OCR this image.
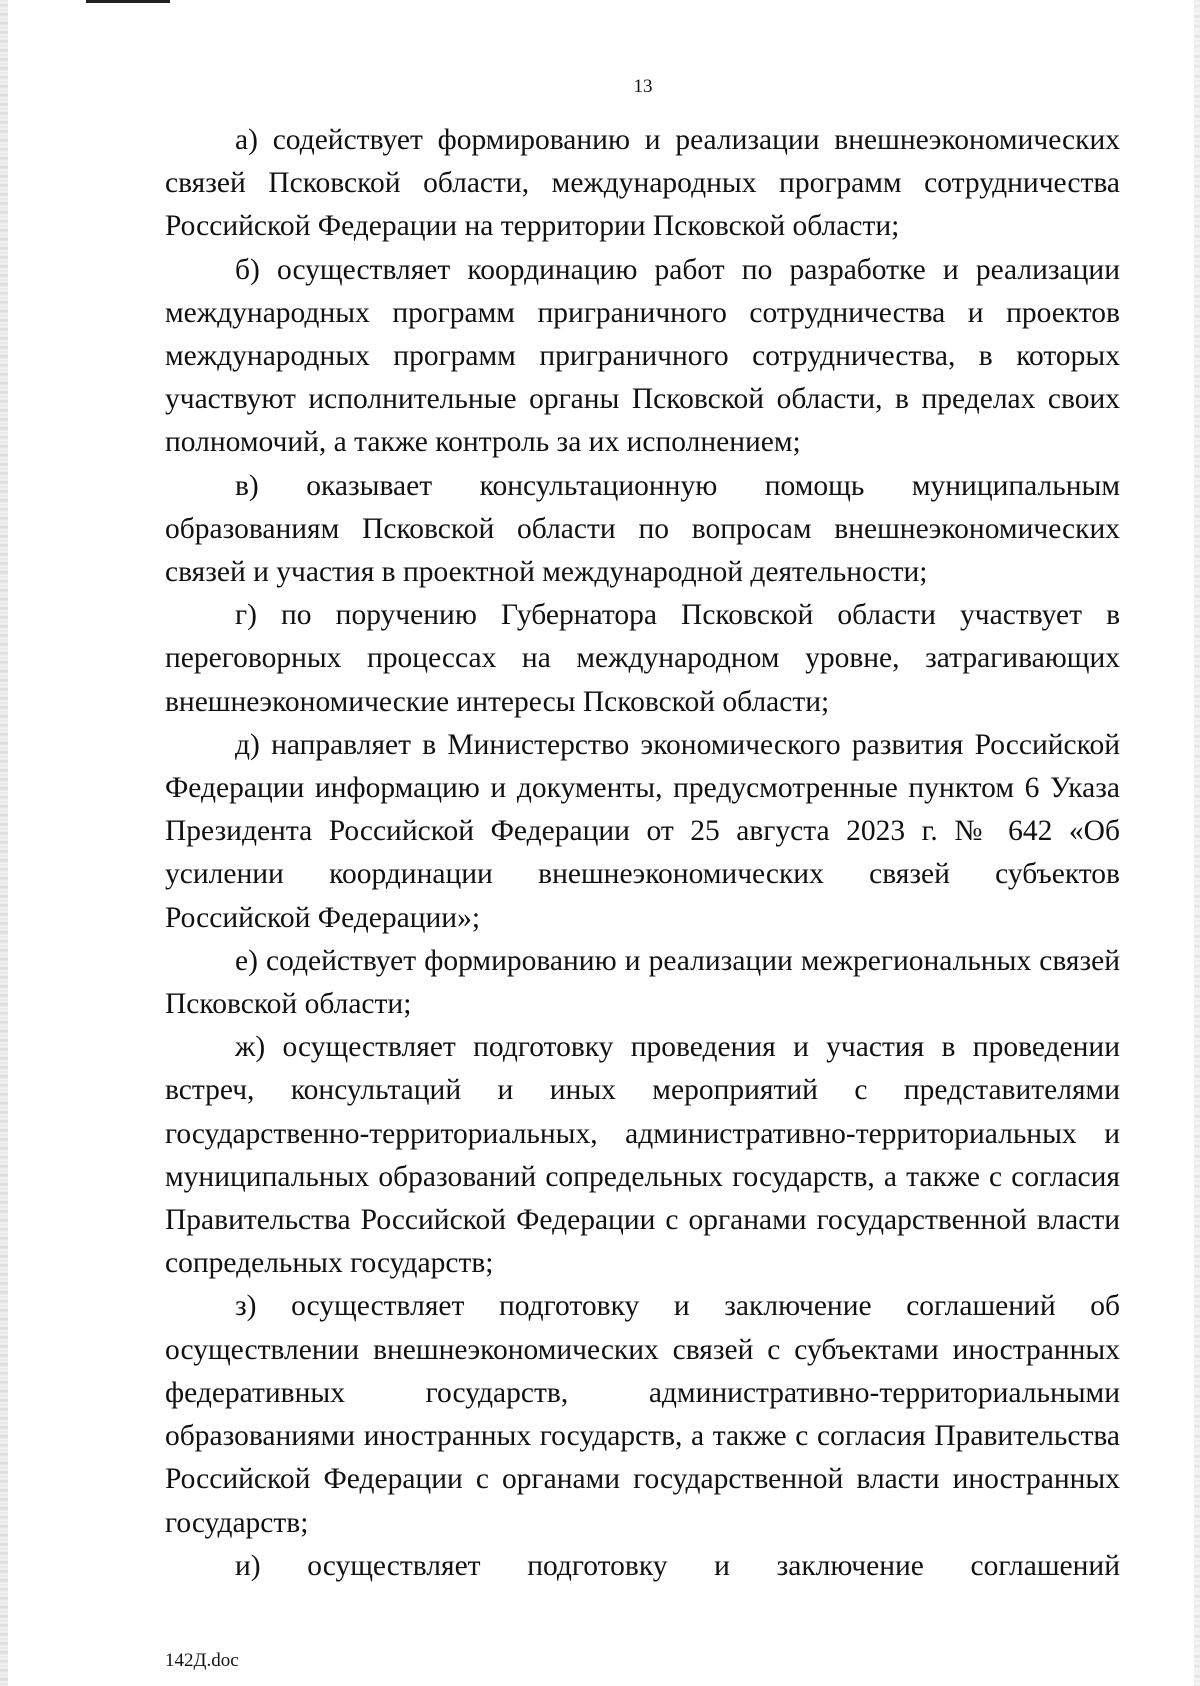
13

а) содействует формированию и реализации внешнеэкономических связей Псковской области, международных программ сотрудничества Российской Федерации на территории Псковской области;

б) осуществляет координацию работ по разработке и реализации международных программ приграничного сотрудничества и проектов международных программ приграничного сотрудничества, в которых участвуют исполнительные органы Псковской области, в пределах своих полномочий, а также контроль за их исполнением;

в) оказывает консультационную помощь муниципальным образованиям Псковской области по вопросам внешнеэкономических связей и участия в проектной международной деятельности;

г) по поручению Губернатора Псковской области участвует в переговорных процессах на международном уровне, затрагивающих внешнеэкономические интересы Псковской области;

д) направляет в Министерство экономического развития Российской Федерации информацию и документы, предусмотренные пунктом 6 Указа Президента Российской Федерации от 25 августа 2023 г. № 642 «Об усилении координации внешнеэкономических связей субъектов Российской Федерации»;

е) содействует формированию и реализации межрегиональных связей Псковской области;

ж) осуществляет подготовку проведения и участия в проведении встреч, консультаций и иных мероприятий с представителями государственно-территориальных, административно-территориальных и муниципальных образований сопредельных государств, а также с согласия Правительства Российской Федерации с органами государственной власти сопредельных государств;

з) осуществляет подготовку и заключение соглашений об осуществлении внешнеэкономических связей с субъектами иностранных федеративных государств, административно-территориальными образованиями иностранных государств, а также с согласия Правительства Российской Федерации с органами государственной власти иностранных государств;

и) осуществляет подготовку и заключение соглашений

142Д.doc
